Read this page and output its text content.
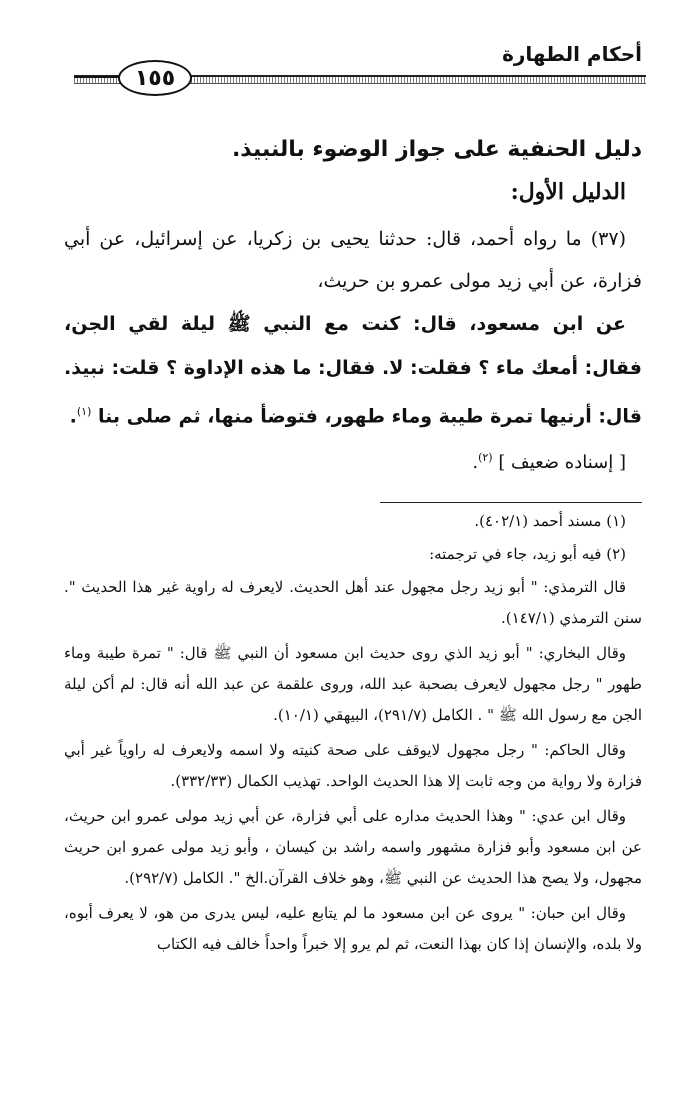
أحكام الطهارة
١٥٥

دليل الحنفية على جواز الوضوء بالنبيذ.

الدليل الأول:

(٣٧) ما رواه أحمد، قال: حدثنا يحيى بن زكريا، عن إسرائيل، عن أبي فزارة، عن أبي زيد مولى عمرو بن حريث،

عن ابن مسعود، قال: كنت مع النبي ﷺ ليلة لقي الجن، فقال: أمعك ماء ؟ فقلت: لا. فقال: ما هذه الإداوة ؟ قلت: نبيذ. قال: أرنيها تمرة طيبة وماء طهور، فتوضأ منها، ثم صلى بنا $^{(١)}$.

[ إسناده ضعيف ] $^{(٢)}$.

(١) مسند أحمد (٤٠٢/١).

(٢) فيه أبو زيد، جاء في ترجمته:

قال الترمذي: " أبو زيد رجل مجهول عند أهل الحديث. لايعرف له راوية غير هذا الحديث ". سنن الترمذي (١٤٧/١).

وقال البخاري: " أبو زيد الذي روى حديث ابن مسعود أن النبي ﷺ قال: " تمرة طيبة وماء طهور " رجل مجهول لايعرف بصحبة عبد الله، وروى علقمة عن عبد الله أنه قال: لم أكن ليلة الجن مع رسول الله ﷺ " . الكامل (٢٩١/٧)، البيهقي (١٠/١).

وقال الحاكم: " رجل مجهول لايوقف على صحة كنيته ولا اسمه ولايعرف له راوياً غير أبي فزارة ولا رواية من وجه ثابت إلا هذا الحديث الواحد. تهذيب الكمال (٣٣٢/٣٣).

وقال ابن عدي: " وهذا الحديث مداره على أبي فزارة، عن أبي زيد مولى عمرو ابن حريث، عن ابن مسعود وأبو فزارة مشهور واسمه راشد بن كيسان ، وأبو زيد مولى عمرو ابن حريث مجهول، ولا يصح هذا الحديث عن النبي ﷺ، وهو خلاف القرآن.الخ ". الكامل (٢٩٢/٧).

وقال ابن حبان: " يروى عن ابن مسعود ما لم يتابع عليه، ليس يدرى من هو، لا يعرف أبوه، ولا بلده، والإنسان إذا كان بهذا النعت، ثم لم يرو إلا خبراً واحداً خالف فيه الكتاب
